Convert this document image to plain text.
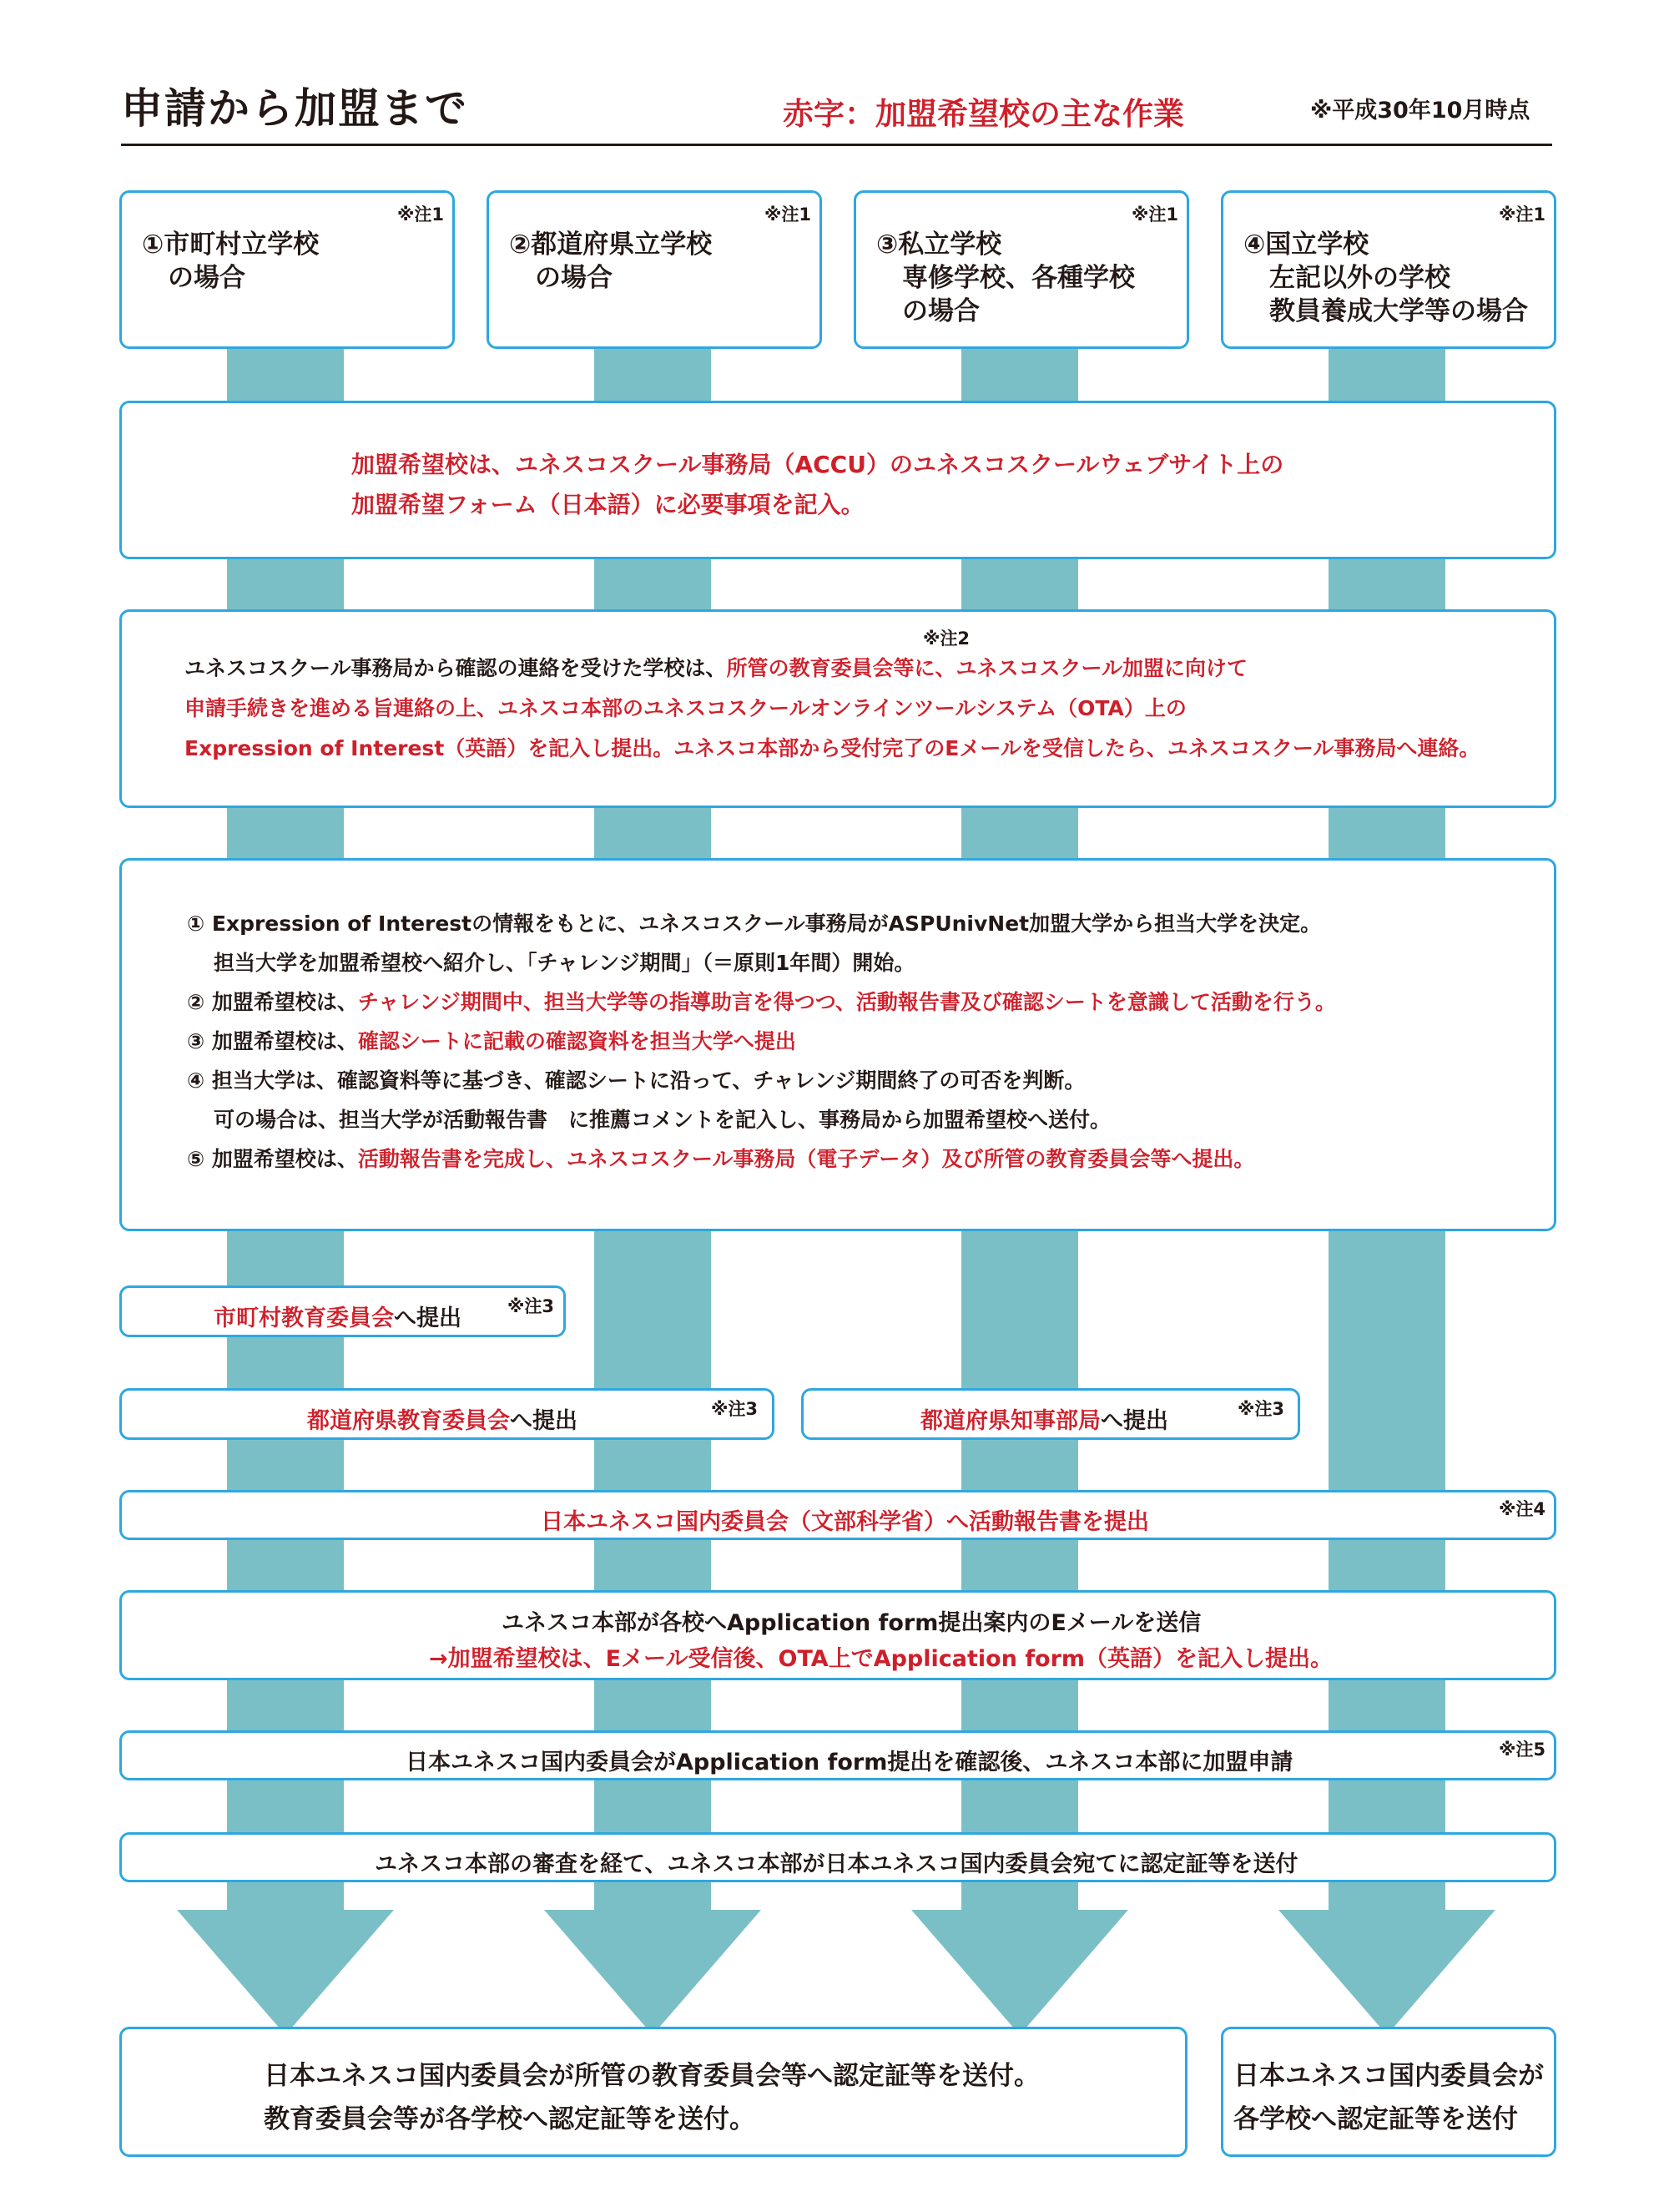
申請から加盟まで	赤字：加盟希望校の主な作業	※平成30年10月時点
※注1
①市町村立学校
　の場合
※注1
②都道府県立学校
　の場合
※注1
③私立学校
　専修学校、各種学校
　の場合
※注1
④国立学校
　左記以外の学校
　教員養成大学等の場合
加盟希望校は、ユネスコスクール事務局（ACCU）のユネスコスクールウェブサイト上の
加盟希望フォーム（日本語）に必要事項を記入。
※注2
ユネスコスクール事務局から確認の連絡を受けた学校は、所管の教育委員会等に、ユネスコスクール加盟に向けて
申請手続きを進める旨連絡の上、ユネスコ本部のユネスコスクールオンラインツールシステム（OTA）上の
Expression of Interest（英語）を記入し提出。ユネスコ本部から受付完了のEメールを受信したら、ユネスコスクール事務局へ連絡。
① Expression of Interestの情報をもとに、ユネスコスクール事務局がASPUnivNet加盟大学から担当大学を決定。
担当大学を加盟希望校へ紹介し、「チャレンジ期間」（＝原則1年間）開始。
② 加盟希望校は、チャレンジ期間中、担当大学等の指導助言を得つつ、活動報告書及び確認シートを意識して活動を行う。
③ 加盟希望校は、確認シートに記載の確認資料を担当大学へ提出
④ 担当大学は、確認資料等に基づき、確認シートに沿って、チャレンジ期間終了の可否を判断。
可の場合は、担当大学が活動報告書　に推薦コメントを記入し、事務局から加盟希望校へ送付。
⑤ 加盟希望校は、活動報告書を完成し、ユネスコスクール事務局（電子データ）及び所管の教育委員会等へ提出。
市町村教育委員会へ提出	※注3
都道府県教育委員会へ提出	※注3	都道府県知事部局へ提出	※注3
日本ユネスコ国内委員会（文部科学省）へ活動報告書を提出	※注4
ユネスコ本部が各校へApplication form提出案内のEメールを送信
→加盟希望校は、Eメール受信後、OTA上でApplication form（英語）を記入し提出。
日本ユネスコ国内委員会がApplication form提出を確認後、ユネスコ本部に加盟申請	※注5
ユネスコ本部の審査を経て、ユネスコ本部が日本ユネスコ国内委員会宛てに認定証等を送付
日本ユネスコ国内委員会が所管の教育委員会等へ認定証等を送付。
教育委員会等が各学校へ認定証等を送付。
日本ユネスコ国内委員会が
各学校へ認定証等を送付
